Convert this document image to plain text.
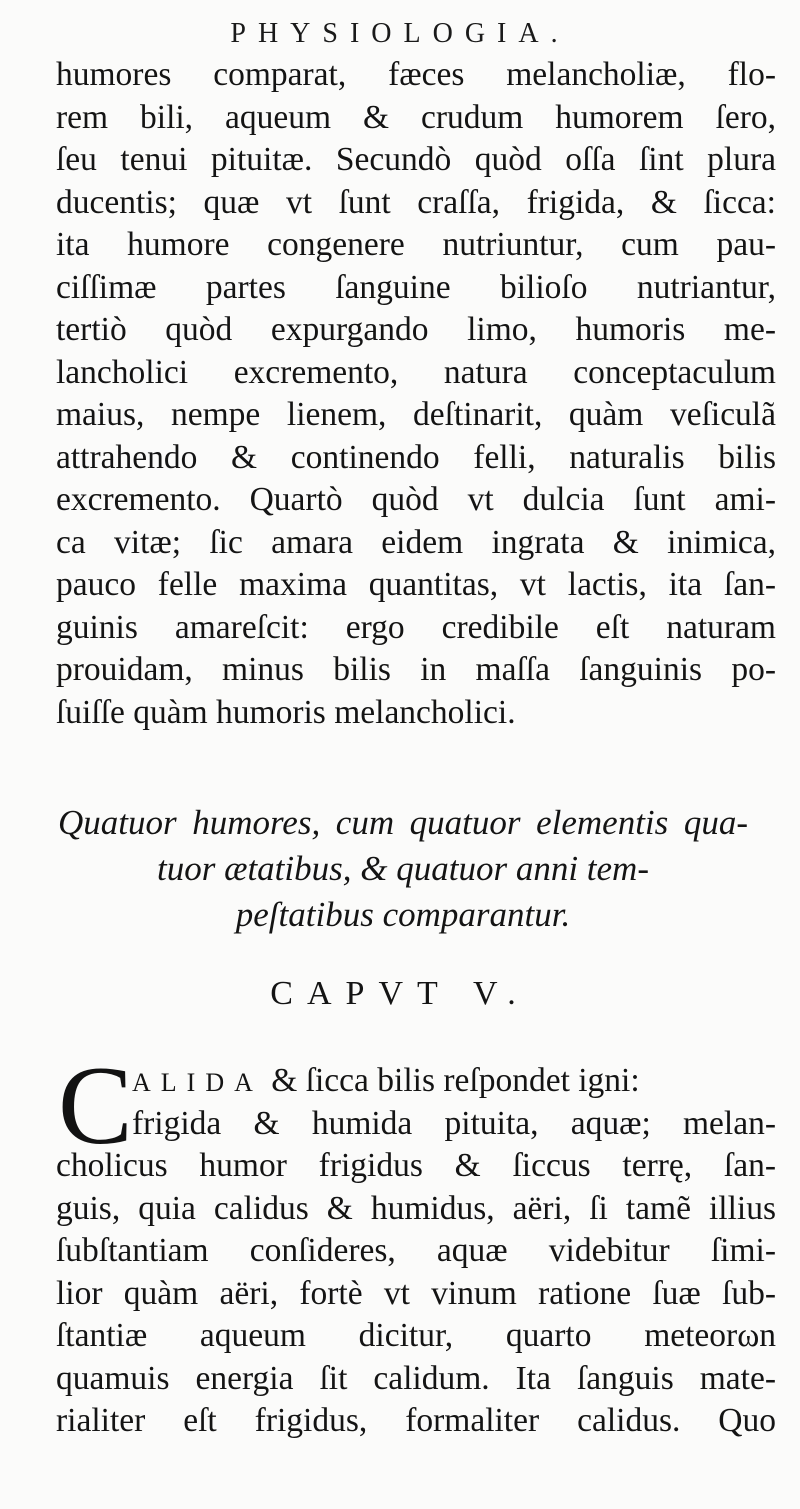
PHYSIOLOGIA.
humores comparat, fæces melancholiæ, flo-
rem bili, aqueum & crudum humorem ſero,
ſeu tenui pituitæ. Secundò quòd oſſa ſint plura
ducentis; quæ vt ſunt craſſa, frigida, & ſicca:
ita humore congenere nutriuntur, cum pau-
ciſſimæ partes ſanguine bilioſo nutriantur,
tertiò quòd expurgando limo, humoris me-
lancholici excremento, natura conceptaculum
maius, nempe lienem, deſtinarit, quàm veſiculã
attrahendo & continendo felli, naturalis bilis
excremento. Quartò quòd vt dulcia ſunt ami-
ca vitæ; ſic amara eidem ingrata & inimica,
pauco felle maxima quantitas, vt lactis, ita ſan-
guinis amareſcit: ergo credibile eſt naturam
prouidam, minus bilis in maſſa ſanguinis po-
ſuiſſe quàm humoris melancholici.
Quatuor humores, cum quatuor elementis qua-
tuor ætatibus, & quatuor anni tem-
peſtatibus comparantur.
CAPVT V.
C ALIDA & ſicca bilis reſpondet igni:
frigida & humida pituita, aquæ; melan-
cholicus humor frigidus & ſiccus terrę, ſan-
guis, quia calidus & humidus, aëri, ſi tamẽ illius
ſubſtantiam conſideres, aquæ videbitur ſimi-
lior quàm aëri, fortè vt vinum ratione ſuæ ſub-
ſtantiæ aqueum dicitur, quarto meteorωn
quamuis energia ſit calidum. Ita ſanguis mate-
rialiter eſt frigidus, formaliter calidus. Quo
